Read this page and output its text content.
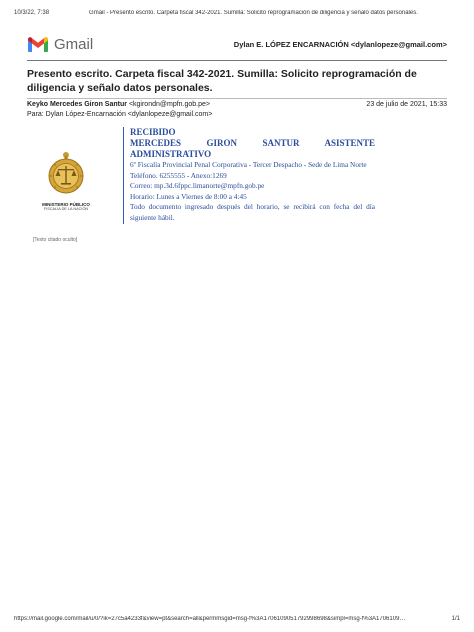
10/3/22, 7:38	Gmail - Presento escrito. Carpeta fiscal 342-2021. Sumilla: Solicito reprogramación de diligencia y señalo datos personales.
Gmail	Dylan E. LÓPEZ ENCARNACIÓN <dylanlopeze@gmail.com>
Presento escrito. Carpeta fiscal 342-2021. Sumilla: Solicito reprogramación de diligencia y señalo datos personales.
Keyko Mercedes Giron Santur <kgirondn@mpfn.gob.pe>	23 de julio de 2021, 15:33
Para: Dylan López-Encarnación <dylanlopeze@gmail.com>
MINISTERIO PÚBLICO
FISCALÍA DE LA NACIÓN
[Texto citado oculto]
RECIBIDO
MERCEDES GIRON SANTUR ASISTENTE
ADMINISTRATIVO
6º Fiscalía Provincial Penal Corporativa - Tercer Despacho - Sede de Lima Norte
Teléfono. 6255555 - Anexo:1269
Correo: mp.3d.6fppc.limanorte@mpfn.gob.pe
Horario: Lunes a Viernes de 8:00 a 4:45
Todo documento ingresado después del horario, se recibirá con fecha del día siguiente hábil.
https://mail.google.com/mail/u/0/?ik=27c5a4233f&view=pt&search=all&permmsgid=msg-f%3A1706109051792998698&simpl=msg-f%3A1706109…	1/1
